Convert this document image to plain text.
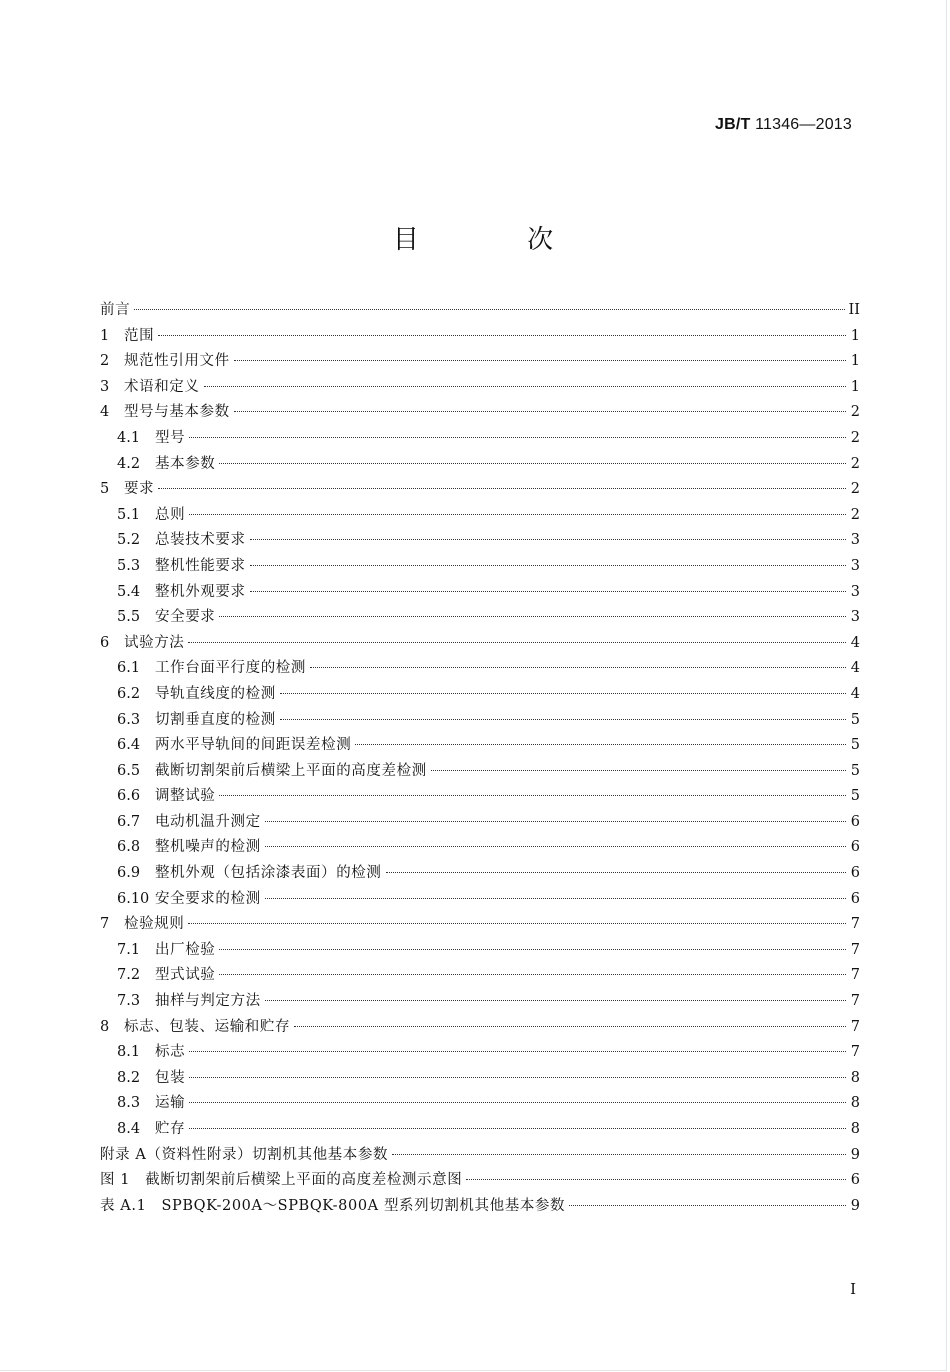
JB/T 11346—2013
目 次
前言	II
1	范围	1
2	规范性引用文件	1
3	术语和定义	1
4	型号与基本参数	2
4.1	型号	2
4.2	基本参数	2
5	要求	2
5.1	总则	2
5.2	总装技术要求	3
5.3	整机性能要求	3
5.4	整机外观要求	3
5.5	安全要求	3
6	试验方法	4
6.1	工作台面平行度的检测	4
6.2	导轨直线度的检测	4
6.3	切割垂直度的检测	5
6.4	两水平导轨间的间距误差检测	5
6.5	截断切割架前后横梁上平面的高度差检测	5
6.6	调整试验	5
6.7	电动机温升测定	6
6.8	整机噪声的检测	6
6.9	整机外观（包括涂漆表面）的检测	6
6.10 安全要求的检测	6
7	检验规则	7
7.1	出厂检验	7
7.2	型式试验	7
7.3	抽样与判定方法	7
8	标志、包装、运输和贮存	7
8.1	标志	7
8.2	包装	8
8.3	运输	8
8.4	贮存	8
附录 A（资料性附录）切割机其他基本参数	9
图 1　截断切割架前后横梁上平面的高度差检测示意图	6
表 A.1　SPBQK-200A～SPBQK-800A 型系列切割机其他基本参数	9
I
